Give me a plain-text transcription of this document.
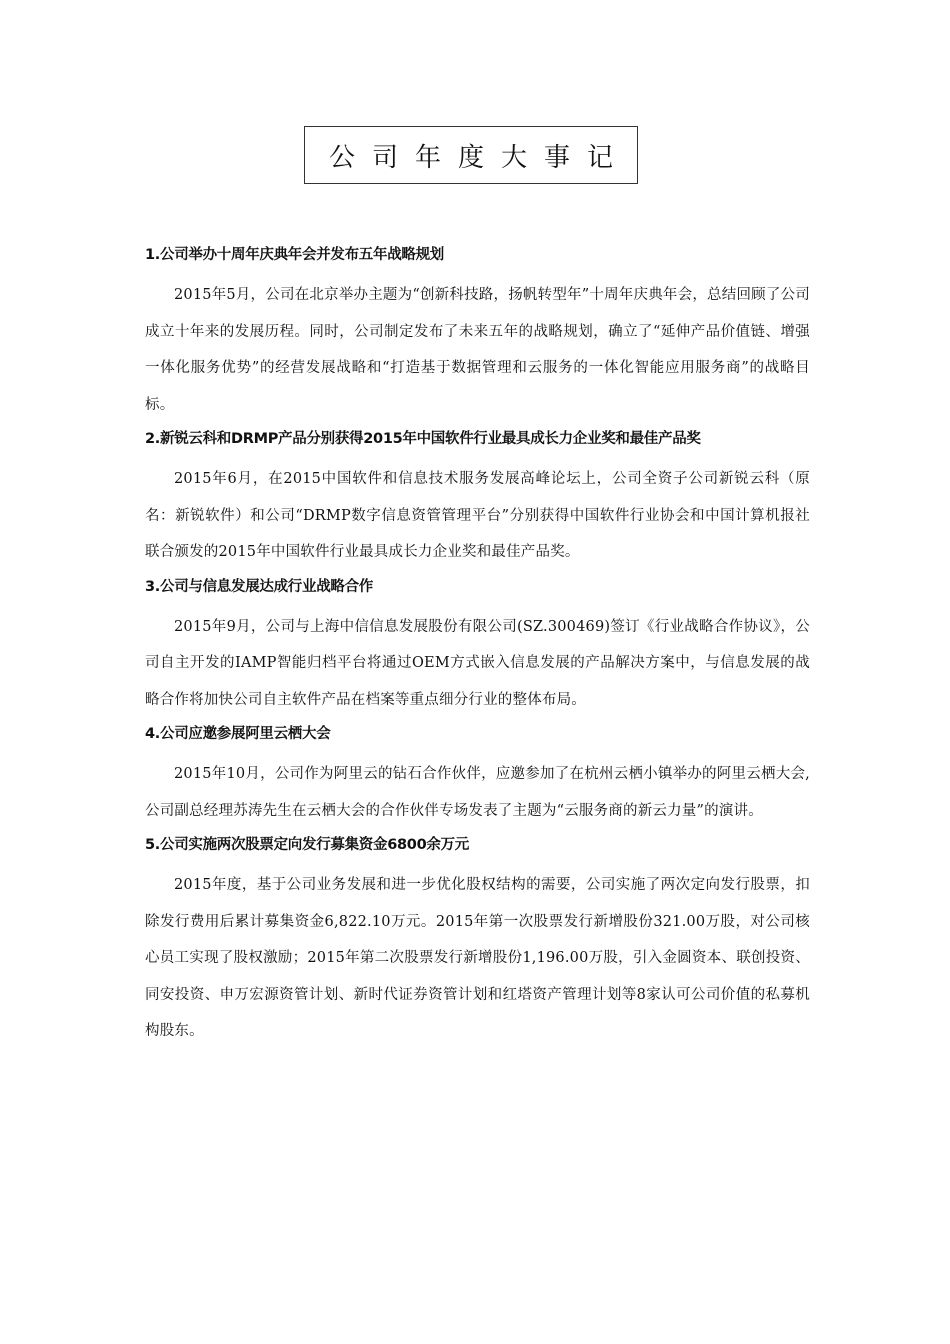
公司年度大事记
1.公司举办十周年庆典年会并发布五年战略规划

2015年5月，公司在北京举办主题为“创新科技路，扬帆转型年”十周年庆典年会，总结回顾了公司成立十年来的发展历程。同时，公司制定发布了未来五年的战略规划，确立了“延伸产品价值链、增强一体化服务优势”的经营发展战略和“打造基于数据管理和云服务的一体化智能应用服务商”的战略目标。

2.新锐云科和DRMP产品分别获得2015年中国软件行业最具成长力企业奖和最佳产品奖

2015年6月，在2015中国软件和信息技术服务发展高峰论坛上，公司全资子公司新锐云科（原名：新锐软件）和公司“DRMP数字信息资管管理平台”分别获得中国软件行业协会和中国计算机报社联合颁发的2015年中国软件行业最具成长力企业奖和最佳产品奖。

3.公司与信息发展达成行业战略合作

2015年9月，公司与上海中信信息发展股份有限公司(SZ.300469)签订《行业战略合作协议》，公司自主开发的IAMP智能归档平台将通过OEM方式嵌入信息发展的产品解决方案中，与信息发展的战略合作将加快公司自主软件产品在档案等重点细分行业的整体布局。

4.公司应邀参展阿里云栖大会

2015年10月，公司作为阿里云的钻石合作伙伴，应邀参加了在杭州云栖小镇举办的阿里云栖大会,公司副总经理苏涛先生在云栖大会的合作伙伴专场发表了主题为“云服务商的新云力量”的演讲。

5.公司实施两次股票定向发行募集资金6800余万元

2015年度，基于公司业务发展和进一步优化股权结构的需要，公司实施了两次定向发行股票，扣除发行费用后累计募集资金6,822.10万元。2015年第一次股票发行新增股份321.00万股，对公司核心员工实现了股权激励；2015年第二次股票发行新增股份1,196.00万股，引入金圆资本、联创投资、同安投资、申万宏源资管计划、新时代证券资管计划和红塔资产管理计划等8家认可公司价值的私募机构股东。
